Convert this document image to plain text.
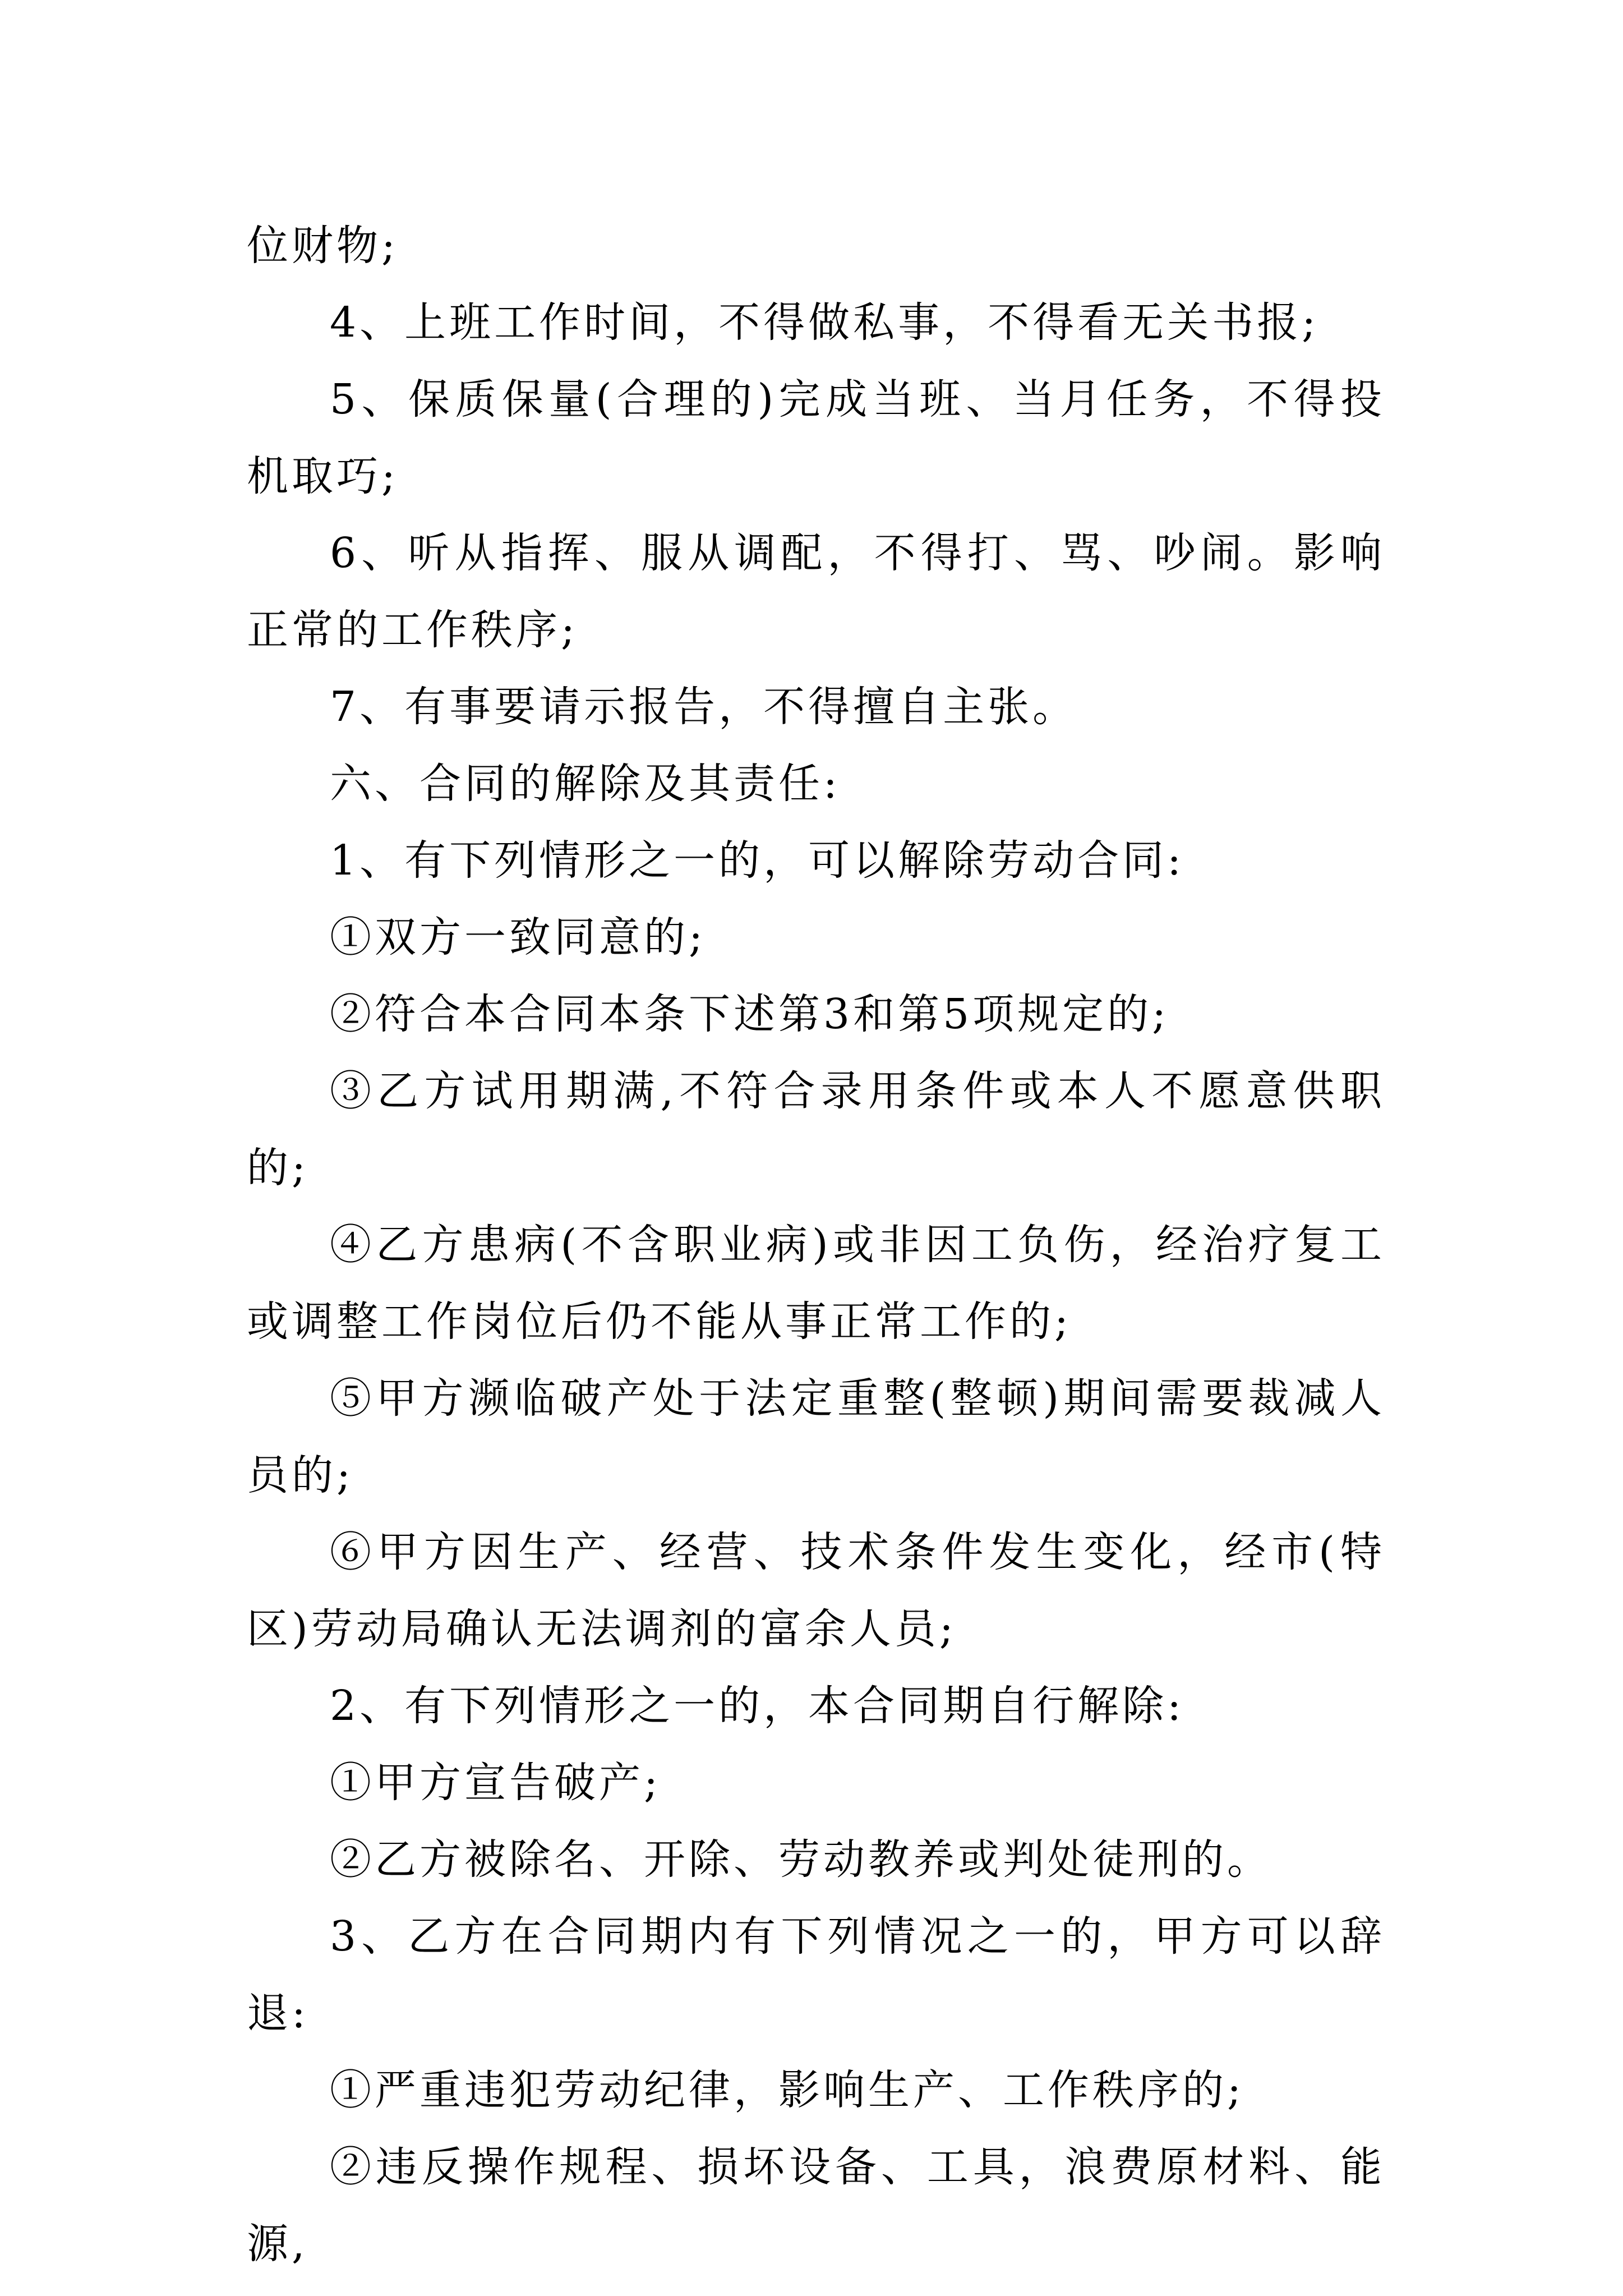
位财物;

4、上班工作时间，不得做私事，不得看无关书报;

5、保质保量(合理的)完成当班、当月任务，不得投机取巧;

6、听从指挥、服从调配，不得打、骂、吵闹。影响正常的工作秩序;

7、有事要请示报告，不得擅自主张。

六、合同的解除及其责任:

1、有下列情形之一的，可以解除劳动合同:

①双方一致同意的;

②符合本合同本条下述第3和第5项规定的;

③乙方试用期满,不符合录用条件或本人不愿意供职的;

④乙方患病(不含职业病)或非因工负伤，经治疗复工或调整工作岗位后仍不能从事正常工作的;

⑤甲方濒临破产处于法定重整(整顿)期间需要裁减人员的;

⑥甲方因生产、经营、技术条件发生变化，经市(特区)劳动局确认无法调剂的富余人员;

2、有下列情形之一的，本合同期自行解除:

①甲方宣告破产;

②乙方被除名、开除、劳动教养或判处徒刑的。

3、乙方在合同期内有下列情况之一的，甲方可以辞退:

①严重违犯劳动纪律，影响生产、工作秩序的;

②违反操作规程、损坏设备、工具，浪费原材料、能源,
